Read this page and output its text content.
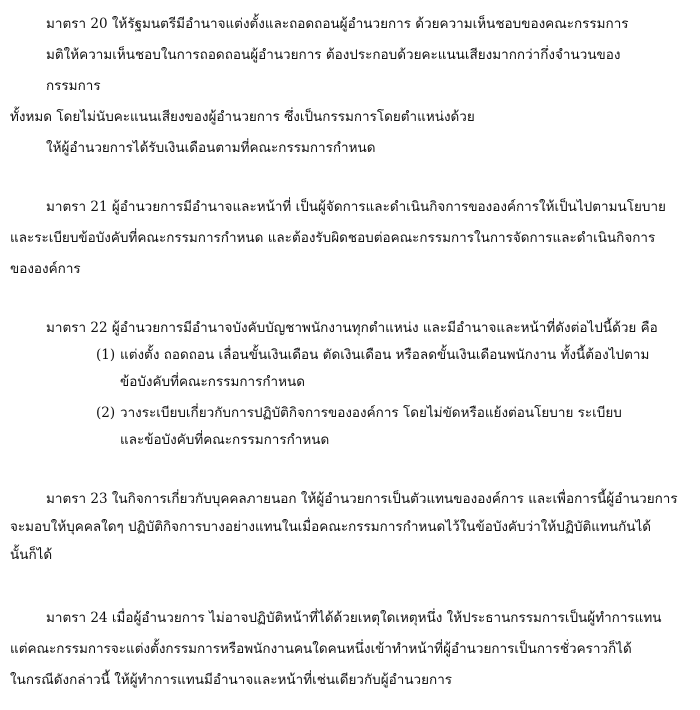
มาตรา 20 ให้รัฐมนตรีมีอำนาจแต่งตั้งและถอดถอนผู้อำนวยการ ด้วยความเห็นชอบของคณะกรรมการ
มติให้ความเห็นชอบในการถอดถอนผู้อำนวยการ ต้องประกอบด้วยคะแนนเสียงมากกว่ากึ่งจำนวนของ
กรรมการ
ทั้งหมด โดยไม่นับคะแนนเสียงของผู้อำนวยการ ซึ่งเป็นกรรมการโดยตำแหน่งด้วย
ให้ผู้อำนวยการได้รับเงินเดือนตามที่คณะกรรมการกำหนด
มาตรา 21 ผู้อำนวยการมีอำนาจและหน้าที่ เป็นผู้จัดการและดำเนินกิจการขององค์การให้เป็นไปตามนโยบาย
และระเบียบข้อบังคับที่คณะกรรมการกำหนด และต้องรับผิดชอบต่อคณะกรรมการในการจัดการและดำเนินกิจการ
ขององค์การ
มาตรา 22 ผู้อำนวยการมีอำนาจบังคับบัญชาพนักงานทุกตำแหน่ง และมีอำนาจและหน้าที่ดังต่อไปนี้ด้วย คือ
(1) แต่งตั้ง ถอดถอน เลื่อนขั้นเงินเดือน ตัดเงินเดือน หรือลดขั้นเงินเดือนพนักงาน ทั้งนี้ต้องไปตาม
ข้อบังคับที่คณะกรรมการกำหนด
(2) วางระเบียบเกี่ยวกับการปฏิบัติกิจการขององค์การ โดยไม่ขัดหรือแย้งต่อนโยบาย ระเบียบ
และข้อบังคับที่คณะกรรมการกำหนด
มาตรา 23 ในกิจการเกี่ยวกับบุคคลภายนอก ให้ผู้อำนวยการเป็นตัวแทนขององค์การ และเพื่อการนี้ผู้อำนวยการ
จะมอบให้บุคคลใดๆ ปฏิบัติกิจการบางอย่างแทนในเมื่อคณะกรรมการกำหนดไว้ในข้อบังคับว่าให้ปฏิบัติแทนกันได้
นั้นก็ได้
มาตรา 24 เมื่อผู้อำนวยการ ไม่อาจปฏิบัติหน้าที่ได้ด้วยเหตุใดเหตุหนึ่ง ให้ประธานกรรมการเป็นผู้ทำการแทน
แต่คณะกรรมการจะแต่งตั้งกรรมการหรือพนักงานคนใดคนหนึ่งเข้าทำหน้าที่ผู้อำนวยการเป็นการชั่วคราวก็ได้
ในกรณีดังกล่าวนี้ ให้ผู้ทำการแทนมีอำนาจและหน้าที่เช่นเดียวกับผู้อำนวยการ
